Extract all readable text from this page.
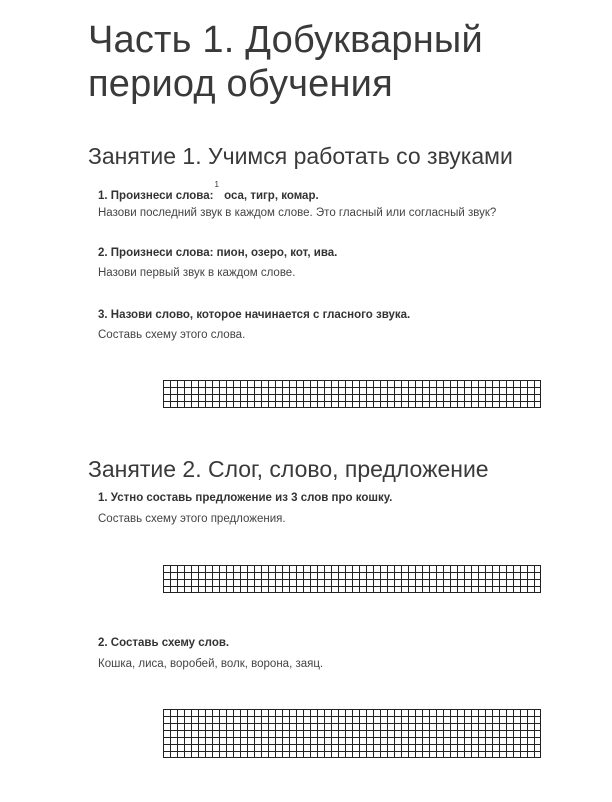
Часть 1. Добукварный период обучения
Занятие 1. Учимся работать со звуками

1. Произнеси слова:$^1$ оса, тигр, комар.

Назови последний звук в каждом слове. Это гласный или согласный звук?

2. Произнеси слова: пион, озеро, кот, ива.

Назови первый звук в каждом слове.

3. Назови слово, которое начинается с гласного звука.

Составь схему этого слова.

Занятие 2. Слог, слово, предложение

1. Устно составь предложение из 3 слов про кошку.

Составь схему этого предложения.

2. Составь схему слов.

Кошка, лиса, воробей, волк, ворона, заяц.
